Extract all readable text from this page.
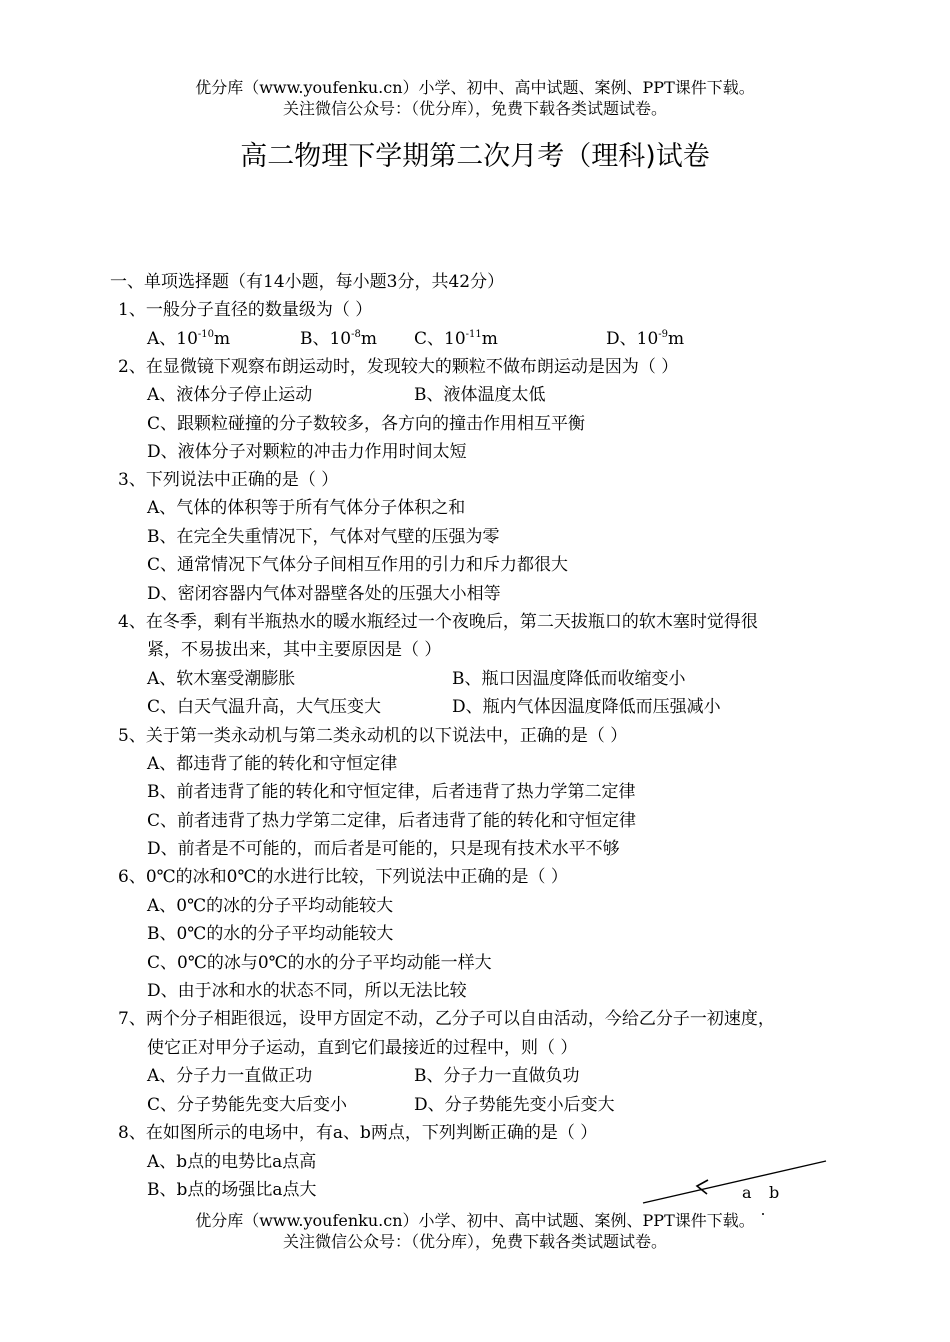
优分库（www.youfenku.cn）小学、初中、高中试题、案例、PPT课件下载。
关注微信公众号：（优分库），免费下载各类试题试卷。
高二物理下学期第二次月考（理科)试卷
一、单项选择题（有14小题，每小题3分，共42分）
1、一般分子直径的数量级为（ ）
A、$10^{-10}m$	B、$10^{-8}m$ C、$10^{-11}m$	D、$10^{-9}m$
2、在显微镜下观察布朗运动时，发现较大的颗粒不做布朗运动是因为（ ）
A、液体分子停止运动	B、液体温度太低
C、跟颗粒碰撞的分子数较多，各方向的撞击作用相互平衡
D、液体分子对颗粒的冲击力作用时间太短
3、下列说法中正确的是（ ）
A、气体的体积等于所有气体分子体积之和
B、在完全失重情况下，气体对气壁的压强为零
C、通常情况下气体分子间相互作用的引力和斥力都很大
D、密闭容器内气体对器壁各处的压强大小相等
4、在冬季，剩有半瓶热水的暖水瓶经过一个夜晚后，第二天拔瓶口的软木塞时觉得很
紧，不易拔出来，其中主要原因是（ ）
A、软木塞受潮膨胀	B、瓶口因温度降低而收缩变小
C、白天气温升高，大气压变大	D、瓶内气体因温度降低而压强减小
5、关于第一类永动机与第二类永动机的以下说法中，正确的是（ ）
A、都违背了能的转化和守恒定律
B、前者违背了能的转化和守恒定律，后者违背了热力学第二定律
C、前者违背了热力学第二定律，后者违背了能的转化和守恒定律
D、前者是不可能的，而后者是可能的，只是现有技术水平不够
6、0℃的冰和0℃的水进行比较，下列说法中正确的是（ ）
A、0℃的冰的分子平均动能较大
B、0℃的水的分子平均动能较大
C、0℃的冰与0℃的水的分子平均动能一样大
D、由于冰和水的状态不同，所以无法比较
7、两个分子相距很远，设甲方固定不动，乙分子可以自由活动，今给乙分子一初速度，
使它正对甲分子运动，直到它们最接近的过程中，则（ ）
A、分子力一直做正功	B、分子力一直做负功
C、分子势能先变大后变小	D、分子势能先变小后变大
8、在如图所示的电场中，有a、b两点，下列判断正确的是（ ）
A、b点的电势比a点高
B、b点的场强比a点大	a b
优分库（www.youfenku.cn）小学、初中、高中试题、案例、PPT课件下载。
关注微信公众号：（优分库），免费下载各类试题试卷。
